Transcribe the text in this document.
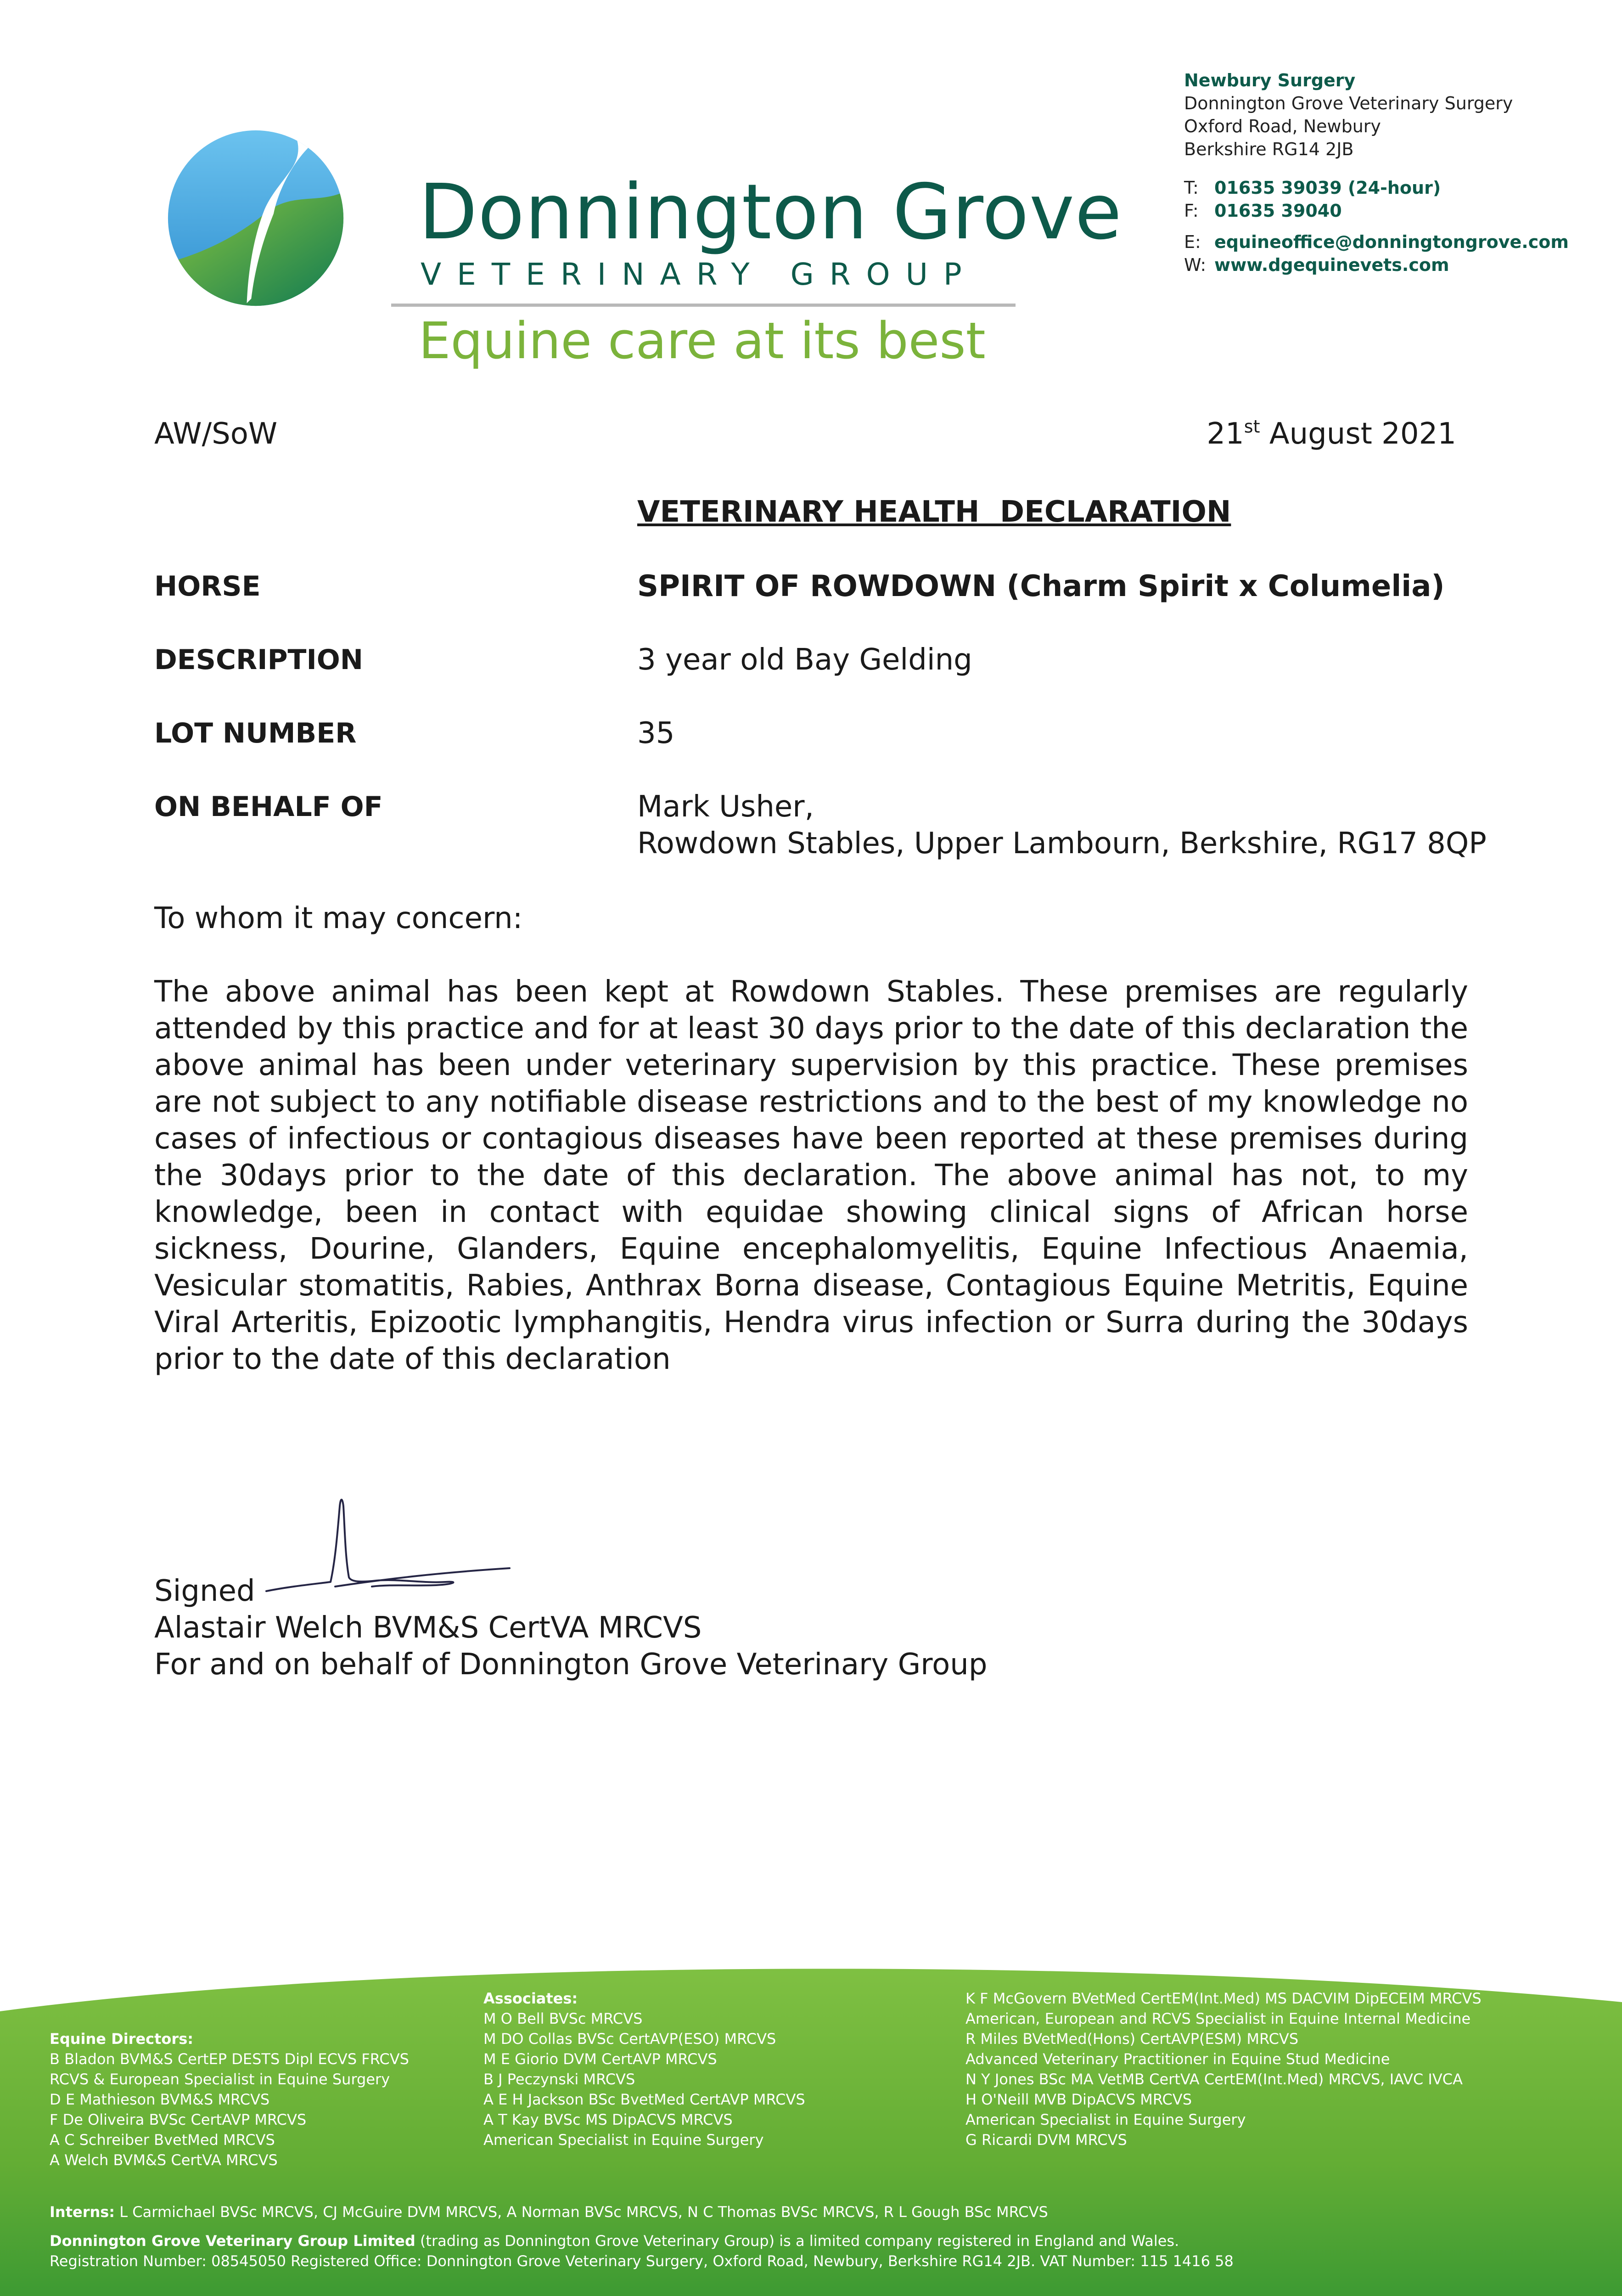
Donnington Grove
VETERINARY GROUP
Equine care at its best
Newbury Surgery
Donnington Grove Veterinary Surgery
Oxford Road, Newbury
Berkshire RG14 2JB
T: 01635 39039 (24-hour)
F: 01635 39040
E: equineoffice@donningtongrove.com
W: www.dgequinevets.com
AW/SoW	21st August 2021
VETERINARY HEALTH  DECLARATION
HORSE	SPIRIT OF ROWDOWN (Charm Spirit x Columelia)
DESCRIPTION	3 year old Bay Gelding
LOT NUMBER	35
ON BEHALF OF	Mark Usher,
Rowdown Stables, Upper Lambourn, Berkshire, RG17 8QP
To whom it may concern:
The above animal has been kept at Rowdown Stables. These premises are regularly attended by this practice and for at least 30 days prior to the date of this declaration the above animal has been under veterinary supervision by this practice. These premises are not subject to any notifiable disease restrictions and to the best of my knowledge no cases of infectious or contagious diseases have been reported at these premises during the 30days prior to the date of this declaration. The above animal has not, to my knowledge, been in contact with equidae showing clinical signs of African horse sickness, Dourine, Glanders, Equine encephalomyelitis, Equine Infectious Anaemia, Vesicular stomatitis, Rabies, Anthrax Borna disease, Contagious Equine Metritis, Equine Viral Arteritis, Epizootic lymphangitis, Hendra virus infection or Surra during the 30days prior to the date of this declaration
Signed
Alastair Welch BVM&S CertVA MRCVS
For and on behalf of Donnington Grove Veterinary Group
Equine Directors:
B Bladon BVM&S CertEP DESTS Dipl ECVS FRCVS
RCVS & European Specialist in Equine Surgery
D E Mathieson BVM&S MRCVS
F De Oliveira BVSc CertAVP MRCVS
A C Schreiber BvetMed MRCVS
A Welch BVM&S CertVA MRCVS
Associates:
M O Bell BVSc MRCVS
M DO Collas BVSc CertAVP(ESO) MRCVS
M E Giorio DVM CertAVP MRCVS
B J Peczynski MRCVS
A E H Jackson BSc BvetMed CertAVP MRCVS
A T Kay BVSc MS DipACVS MRCVS
American Specialist in Equine Surgery
K F McGovern BVetMed CertEM(Int.Med) MS DACVIM DipECEIM MRCVS
American, European and RCVS Specialist in Equine Internal Medicine
R Miles BVetMed(Hons) CertAVP(ESM) MRCVS
Advanced Veterinary Practitioner in Equine Stud Medicine
N Y Jones BSc MA VetMB CertVA CertEM(Int.Med) MRCVS, IAVC IVCA
H O'Neill MVB DipACVS MRCVS
American Specialist in Equine Surgery
G Ricardi DVM MRCVS
Interns: L Carmichael BVSc MRCVS, CJ McGuire DVM MRCVS, A Norman BVSc MRCVS, N C Thomas BVSc MRCVS, R L Gough BSc MRCVS
Donnington Grove Veterinary Group Limited (trading as Donnington Grove Veterinary Group) is a limited company registered in England and Wales.
Registration Number: 08545050 Registered Office: Donnington Grove Veterinary Surgery, Oxford Road, Newbury, Berkshire RG14 2JB. VAT Number: 115 1416 58
